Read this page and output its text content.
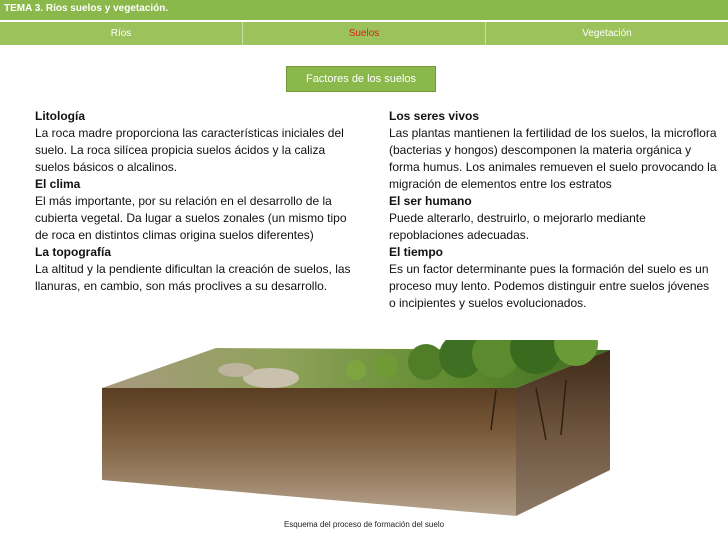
TEMA 3. Ríos suelos y vegetación.
Ríos	Suelos	Vegetación
Factores de los suelos
Litología
La roca madre proporciona las características iniciales del suelo. La roca silícea propicia suelos ácidos y la caliza suelos básicos o alcalinos.
El clima
El más importante, por su relación en el desarrollo de la cubierta vegetal. Da lugar a suelos zonales (un mismo tipo de roca en distintos climas origina suelos diferentes)
La topografía
La altitud y la pendiente dificultan la creación de suelos, las llanuras, en cambio, son más proclives a su desarrollo.
Los seres vivos
Las plantas mantienen la fertilidad de los suelos, la microflora (bacterias y hongos) descomponen la materia orgánica y forma humus. Los animales remueven el suelo provocando la migración de elementos entre los estratos
El ser humano
Puede alterarlo, destruirlo, o mejorarlo mediante repoblaciones adecuadas.
El tiempo
Es un factor determinante pues la formación del suelo es un proceso muy lento. Podemos distinguir entre suelos jóvenes o incipientes y suelos evolucionados.
Esquema del proceso de formación del suelo
